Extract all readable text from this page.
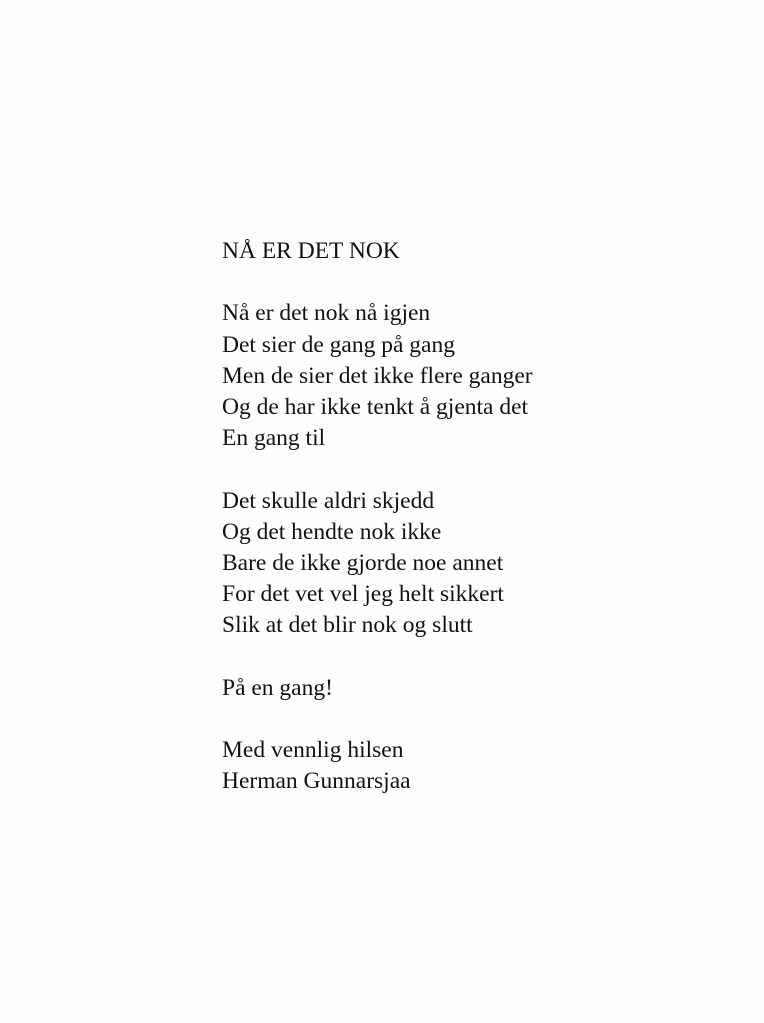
NÅ ER DET NOK
Nå er det nok nå igjen
Det sier de gang på gang
Men de sier det ikke flere ganger
Og de har ikke tenkt å gjenta det
En gang til
Det skulle aldri skjedd
Og det hendte nok ikke
Bare de ikke gjorde noe annet
For det vet vel jeg helt sikkert
Slik at det blir nok og slutt
På en gang!
Med vennlig hilsen
Herman Gunnarsjaa
